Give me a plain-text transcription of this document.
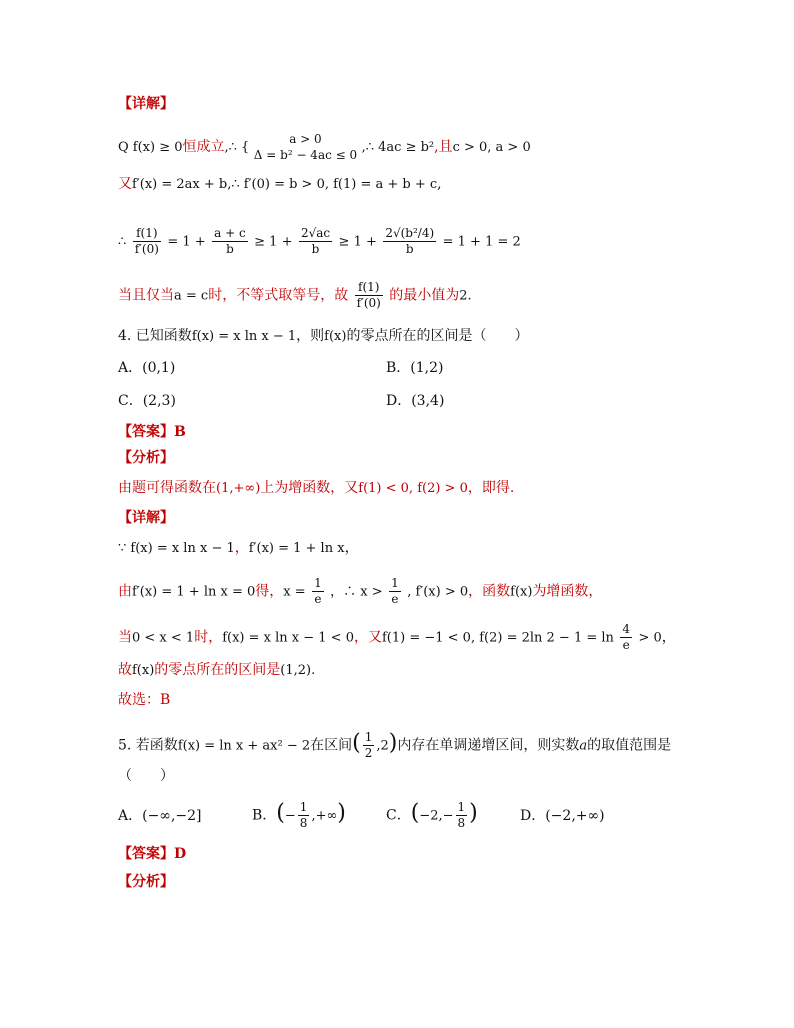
【详解】
Q f(x) ≥ 0恒成立,∴ {
a > 0
Δ = b² − 4ac ≤ 0 ,∴ 4ac ≥ b²,且c > 0, a > 0
又f′(x) = 2ax + b,∴ f′(0) = b > 0, f(1) = a + b + c,
∴ $\frac{f(1)}{f'(0)} = 1 + \frac{a + c}{b} \ge 1 + \frac{2√ac}{b} \ge 1 + \frac{\text{2√(b²/4)}}{b} = 1 + 1 = 2$
当且仅当a = c时，不等式取等号，故 $\frac{f(1)}{f'(0)}$ 的最小值为2.
4. 已知函数f(x) = x ln x − 1，则f(x)的零点所在的区间是（　　）
A．(0,1)	B．(1,2)
C．(2,3)	D．(3,4)
【答案】B
【分析】
由题可得函数在(1,+∞)上为增函数，又f(1) < 0, f(2) > 0，即得.
【详解】
∵ f(x) = x ln x − 1，f′(x) = 1 + ln x，
由f′(x) = 1 + ln x = 0得，$x = \frac{1}{e}$ ，∴ $x > \frac{1}{e}$ , f′(x) > 0，函数f(x)为增函数，
当0 < x < 1时，f(x) = x ln x − 1 < 0，又f(1) = −1 < 0, f(2) = 2ln $2 - 1 = \ln \frac{4}{e} > 0$，
故f(x)的零点所在的区间是(1,2).
故选：B
5. 若函数f(x) = ln x + ax² − 2在区间( $\frac{1}{2} ,2$)内存在单调递增区间，则实数a的取值范围是
（　　）
A．(−∞,−2]	B．(− $\frac{1}{8}$ ,+∞)	C．($-2,- \frac{1}{8}$ )	D．(−2,+∞)
【答案】D
【分析】
